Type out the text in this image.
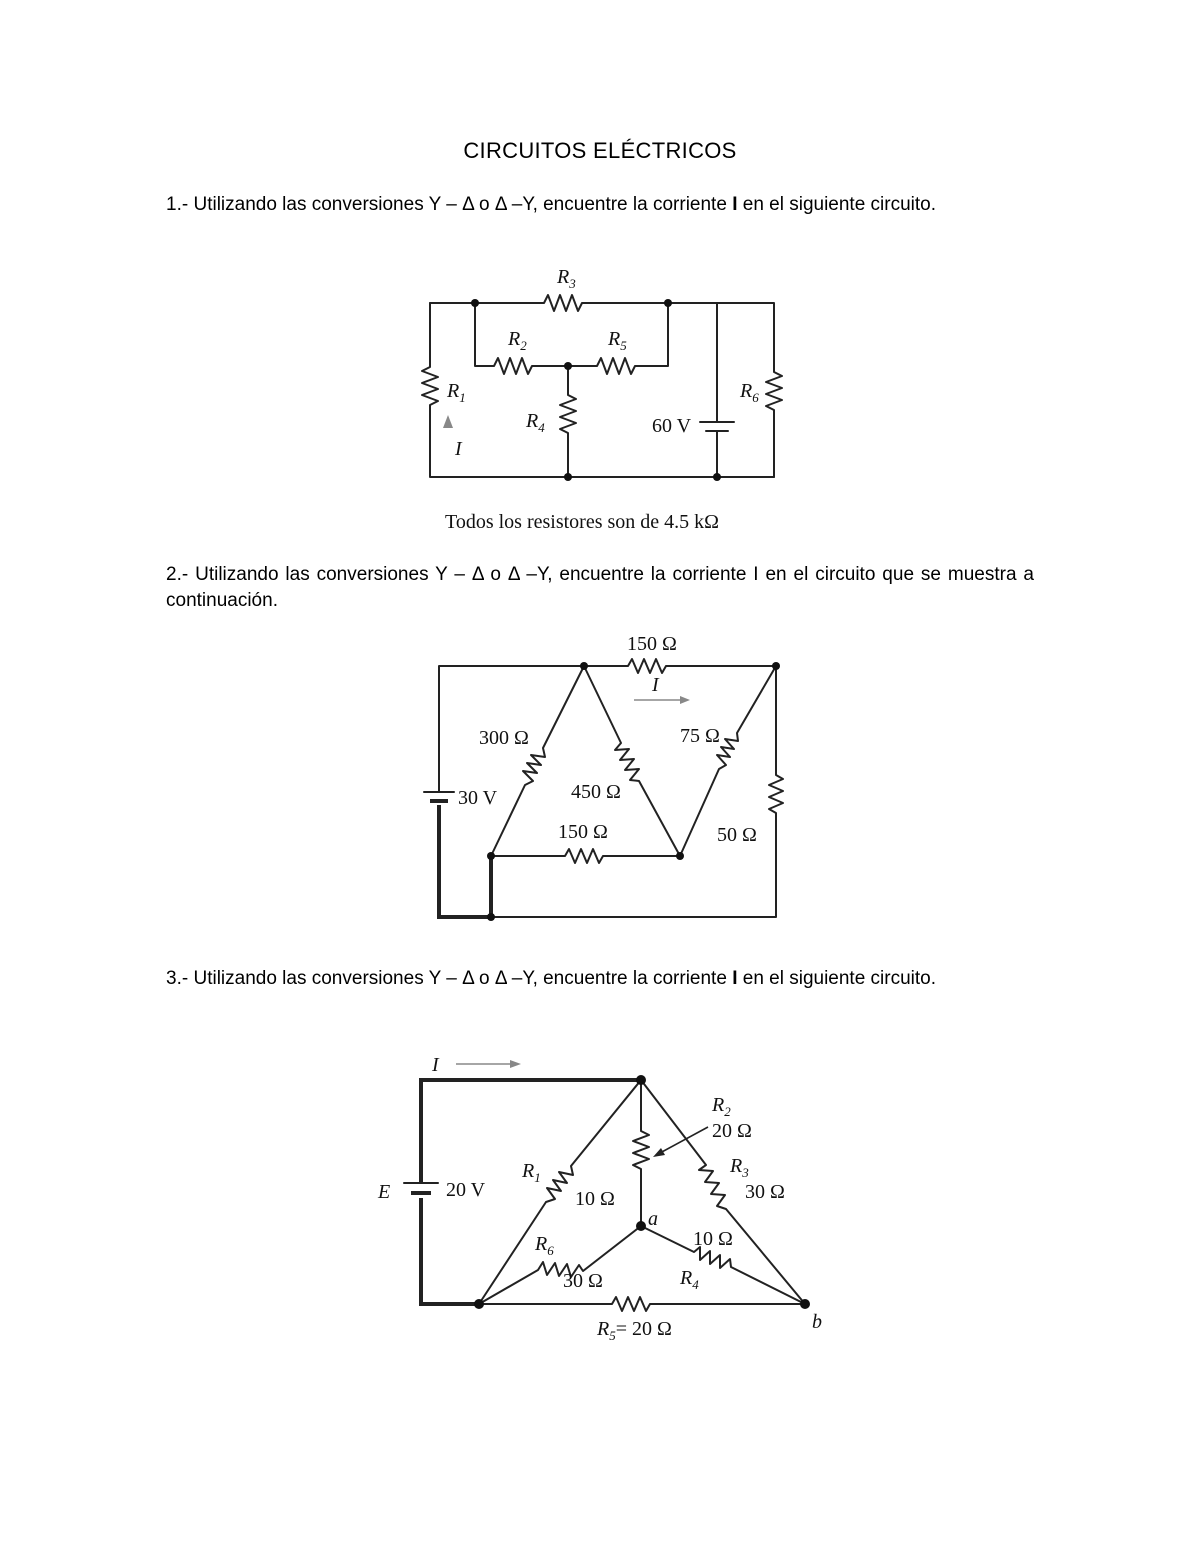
CIRCUITOS ELÉCTRICOS
1.- Utilizando las conversiones Y – Δ o Δ –Y, encuentre la corriente I en el siguiente circuito.
$R_3$
$R_2$	$R_5$
$R_1$	$R_6$
$R_4$
I
60 V
Todos los resistores son de 4.5 kΩ
2.- Utilizando las conversiones Y – Δ o Δ –Y, encuentre la corriente I en el circuito que se muestra a continuación.
150 Ω
I
300 Ω	75 Ω
30 V	450 Ω
150 Ω	50 Ω
3.- Utilizando las conversiones Y – Δ o Δ –Y, encuentre la corriente I en el siguiente circuito.
I
$R_2$
20 Ω
$R_1$
10 Ω
$R_3$
30 Ω
E	20 V
a
$R_6$
30 Ω
10 Ω
$R_4$
$R_5= 20$ Ω	b
